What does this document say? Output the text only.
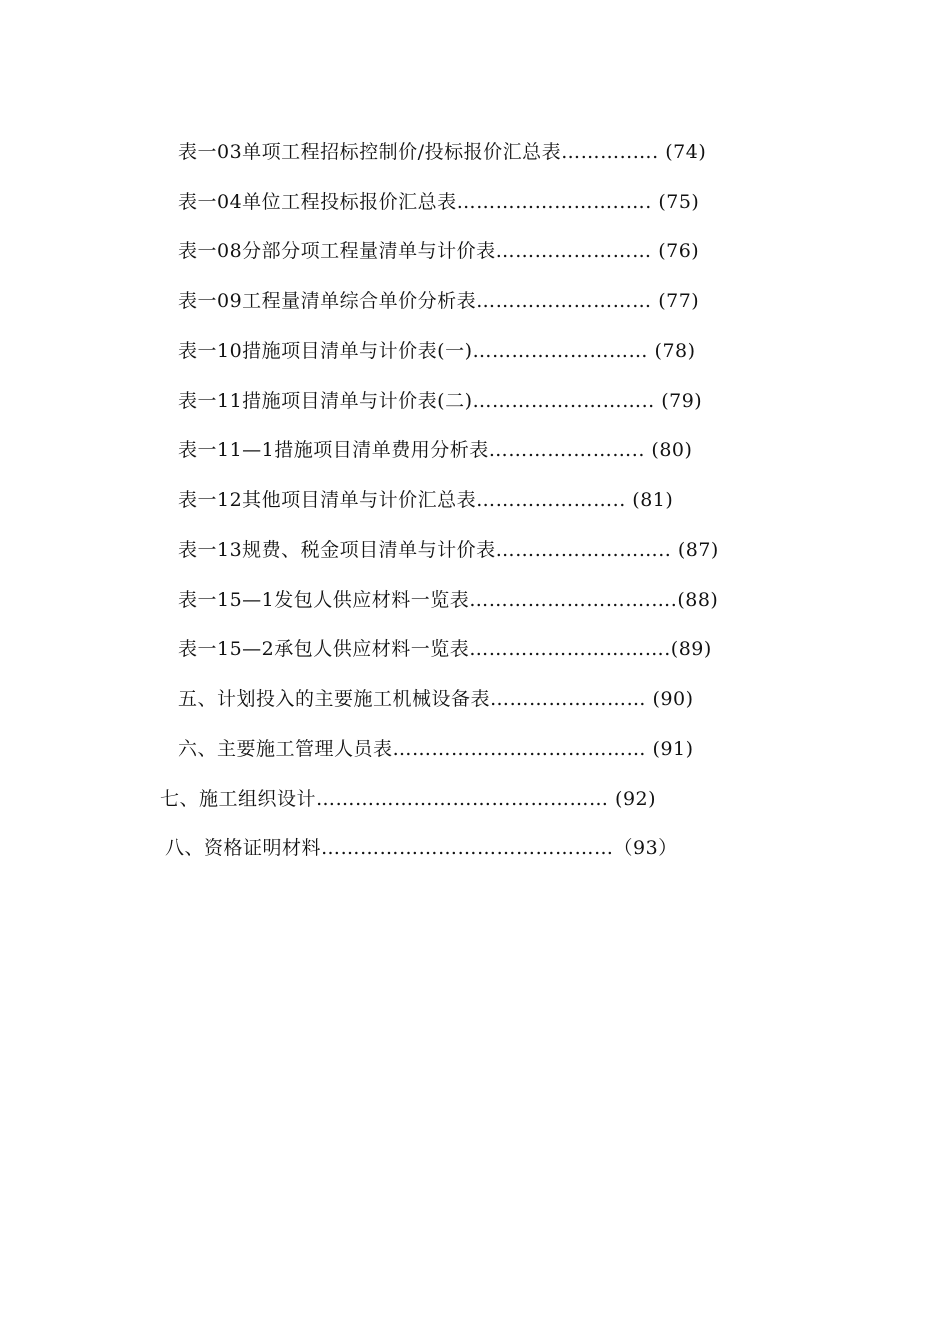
表一03单项工程招标控制价/投标报价汇总表………..…. (74)
表一04单位工程投标报价汇总表……………………..…. (75)
表一08分部分项工程量清单与计价表…………………… (76)
表一09工程量清单综合单价分析表……………………… (77)
表一10措施项目清单与计价表(一)……………………… (78)
表一11措施项目清单与计价表(二)……………..……….. (79)
表一11—1措施项目清单费用分析表………….……….. (80)
表一12其他项目清单与计价汇总表………………….. (81)
表一13规费、税金项目清单与计价表……….…………….. (87)
表一15—1发包人供应材料一览表……………………….….(88)
表一15—2承包人供应材料一览表………………………….(89)
五、计划投入的主要施工机械设备表…………………… (90)
六、主要施工管理人员表………………………………… (91)
七、施工组织设计……………………………………… (92)
八、资格证明材料………………………………………（93）
